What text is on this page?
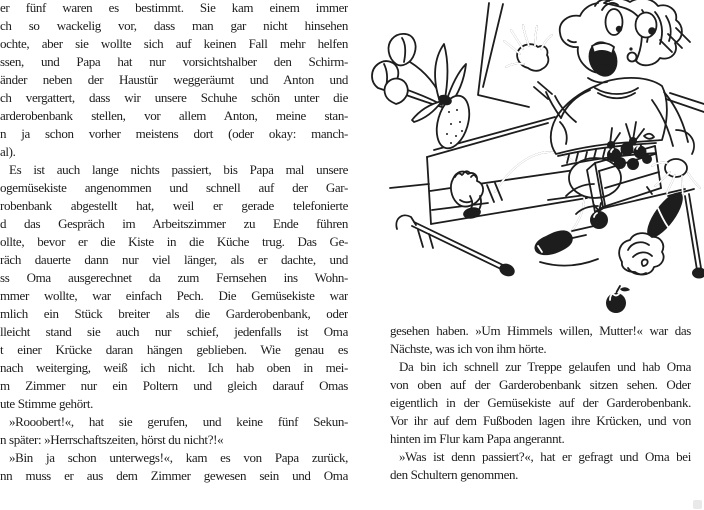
er fünf waren es bestimmt. Sie kam einem immer
ch so wackelig vor, dass man gar nicht hinsehen
ochte, aber sie wollte sich auf keinen Fall mehr helfen
ssen, und Papa hat nur vorsichtshalber den Schirm-
änder neben der Haustür weggeräumt und Anton und
ch vergattert, dass wir unsere Schuhe schön unter die
arderobenbank stellen, vor allem Anton, meine stan-
n ja schon vorher meistens dort (oder okay: manch-
al).
Es ist auch lange nichts passiert, bis Papa mal unsere
ogemüsekiste angenommen und schnell auf der Gar-
robenbank abgestellt hat, weil er gerade telefonierte
d das Gespräch im Arbeitszimmer zu Ende führen
ollte, bevor er die Kiste in die Küche trug. Das Ge-
räch dauerte dann nur viel länger, als er dachte, und
ss Oma ausgerechnet da zum Fernsehen ins Wohn-
mmer wollte, war einfach Pech. Die Gemüsekiste war
mlich ein Stück breiter als die Garderobenbank, oder
lleicht stand sie auch nur schief, jedenfalls ist Oma
t einer Krücke daran hängen geblieben. Wie genau es
nach weiterging, weiß ich nicht. Ich hab oben in mei-
m Zimmer nur ein Poltern und gleich darauf Omas
ute Stimme gehört.
»Rooobert!«, hat sie gerufen, und keine fünf Sekun-
n später: »Herrschaftszeiten, hörst du nicht?!«
»Bin ja schon unterwegs!«, kam es von Papa zurück,
nn muss er aus dem Zimmer gewesen sein und Oma
gesehen haben. »Um Himmels willen, Mutter!« war das
Nächste, was ich von ihm hörte.
Da bin ich schnell zur Treppe gelaufen und hab Oma
von oben auf der Garderobenbank sitzen sehen. Oder
eigentlich in der Gemüsekiste auf der Garderobenbank.
Vor ihr auf dem Fußboden lagen ihre Krücken, und von
hinten im Flur kam Papa angerannt.
»Was ist denn passiert?«, hat er gefragt und Oma bei
den Schultern genommen.
